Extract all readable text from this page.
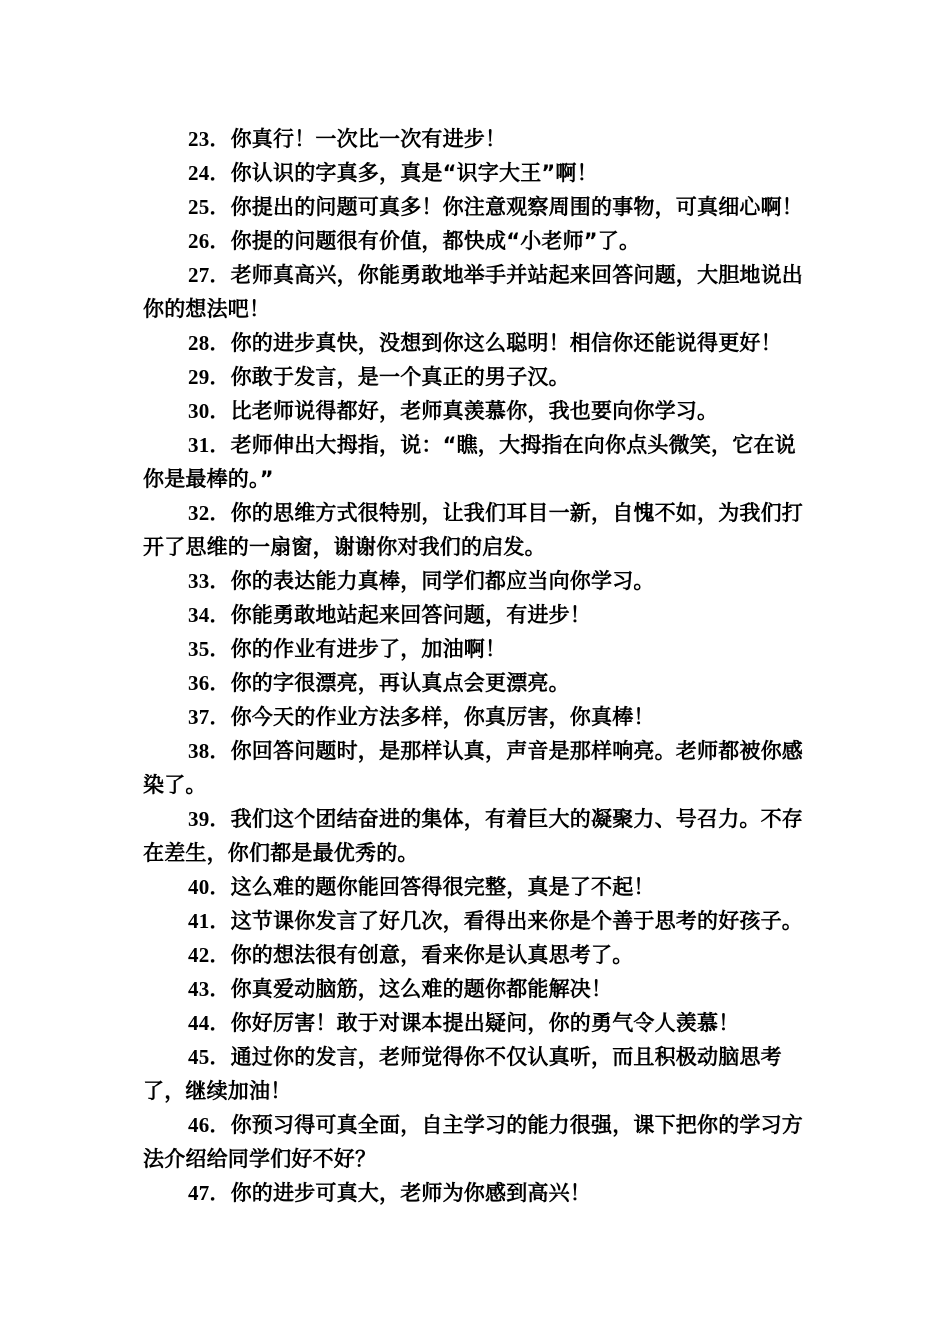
23．你真行！一次比一次有进步！

24．你认识的字真多，真是“识字大王”啊！

25．你提出的问题可真多！你注意观察周围的事物，可真细心啊！

26．你提的问题很有价值，都快成“小老师”了。

27．老师真高兴，你能勇敢地举手并站起来回答问题，大胆地说出你的想法吧！

28．你的进步真快，没想到你这么聪明！相信你还能说得更好！

29．你敢于发言，是一个真正的男子汉。

30．比老师说得都好，老师真羡慕你，我也要向你学习。

31．老师伸出大拇指，说：“瞧，大拇指在向你点头微笑，它在说你是最棒的。”

32．你的思维方式很特别，让我们耳目一新，自愧不如，为我们打开了思维的一扇窗，谢谢你对我们的启发。

33．你的表达能力真棒，同学们都应当向你学习。

34．你能勇敢地站起来回答问题，有进步！

35．你的作业有进步了，加油啊！

36．你的字很漂亮，再认真点会更漂亮。

37．你今天的作业方法多样，你真厉害，你真棒！

38．你回答问题时，是那样认真，声音是那样响亮。老师都被你感染了。

39．我们这个团结奋进的集体，有着巨大的凝聚力、号召力。不存在差生，你们都是最优秀的。

40．这么难的题你能回答得很完整，真是了不起！

41．这节课你发言了好几次，看得出来你是个善于思考的好孩子。

42．你的想法很有创意，看来你是认真思考了。

43．你真爱动脑筋，这么难的题你都能解决！

44．你好厉害！敢于对课本提出疑问，你的勇气令人羡慕！

45．通过你的发言，老师觉得你不仅认真听，而且积极动脑思考了，继续加油！

46．你预习得可真全面，自主学习的能力很强，课下把你的学习方法介绍给同学们好不好？

47．你的进步可真大，老师为你感到高兴！
